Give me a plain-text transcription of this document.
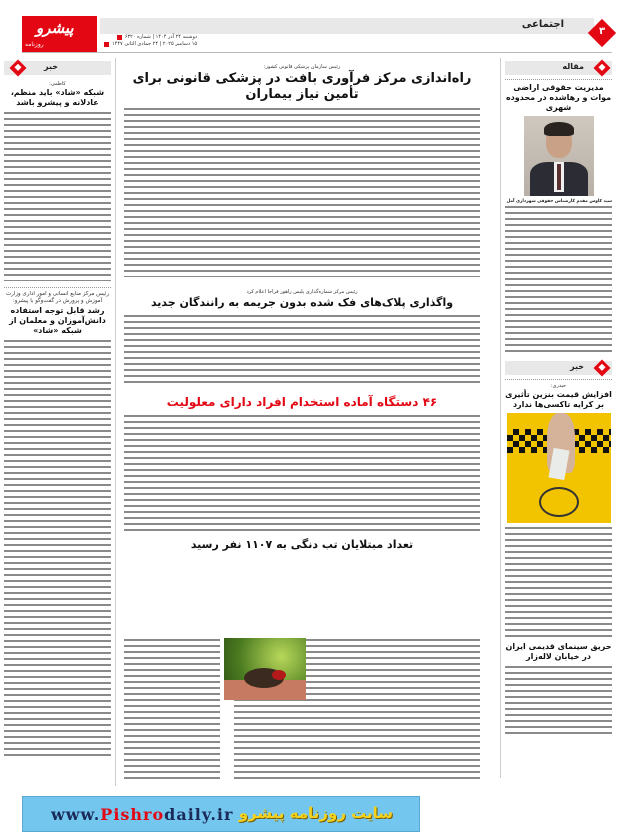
اجتماعی
۳
پیشرو
روزنامه
دوشنبه ۲۴ آذر ۱۴۰۴ | شماره ۶۳۲۰
۱۵ دسامبر ۲۰۲۵ | ۲۴ جمادی الثانی ۱۴۴۷
مقاله
مدیریت حقوقی اراضی موات و رهاشده در محدوده شهری
سید کاوس مقدم کارشناس حقوقی شهرداری آمل
خبر
حیدری:
افزایش قیمت بنزین تأثیری بر کرایه تاکسی‌ها ندارد
حریق سینمای قدیمی ایران در خیابان لاله‌زار
رئیس سازمان پزشکی قانونی کشور:
راه‌اندازی مرکز فرآوری بافت در پزشکی قانونی برای تأمین نیاز بیماران
رئیس مرکز شماره‌گذاری پلیس راهور فراجا اعلام کرد
واگذاری پلاک‌های فک شده بدون جریمه به رانندگان جدید
۴۶ دستگاه آماده استخدام افراد دارای معلولیت
تعداد مبتلایان تب دنگی به ۱۱۰۷ نفر رسید
خبر
کاظمی:
شبکه «شاد» باید منظم، عادلانه و پیشرو باشد
رئیس مرکز منابع انسانی و امور اداری وزارت آموزش و پرورش در گفت‌وگو با پیشرو:
رشد قابل توجه استفاده دانش‌آموزان و معلمان از شبکه «شاد»
www.Pishrodaily.ir سایت روزنامه پیشرو
